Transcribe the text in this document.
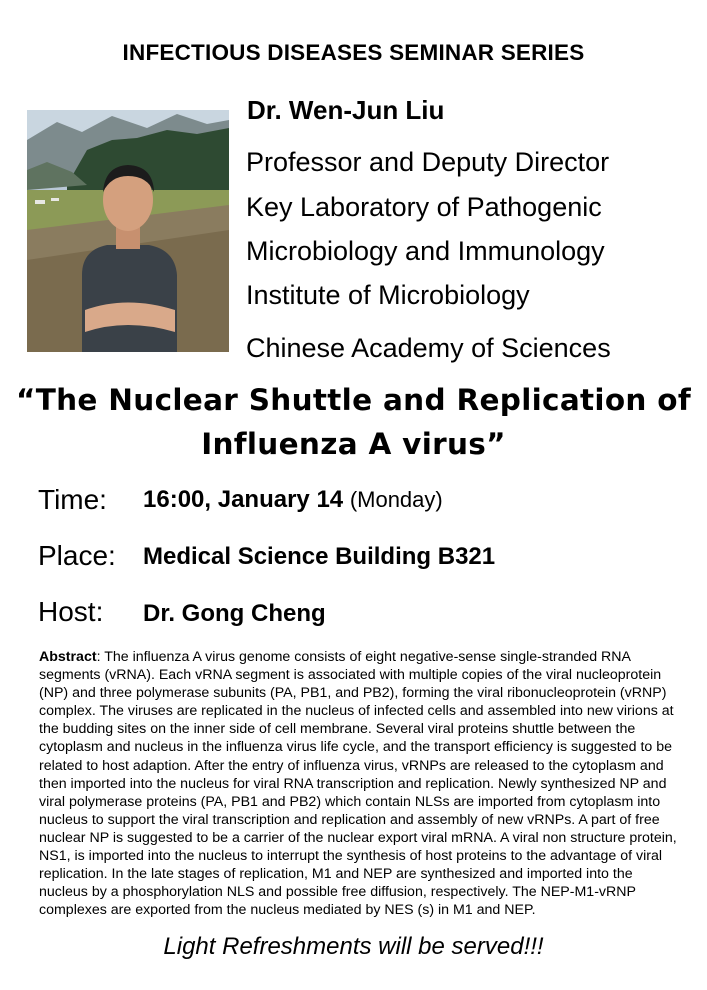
INFECTIOUS DISEASES SEMINAR SERIES
Dr. Wen-Jun Liu
Professor and Deputy Director
Key Laboratory of Pathogenic
Microbiology and Immunology
Institute of Microbiology
Chinese Academy of Sciences
“The Nuclear Shuttle and Replication of
Influenza A virus”
Time: 16:00, January 14 (Monday)
Place: Medical Science Building B321
Host: Dr. Gong Cheng
Abstract: The influenza A virus genome consists of eight negative-sense single-stranded RNA segments (vRNA). Each vRNA segment is associated with multiple copies of the viral nucleoprotein (NP) and three polymerase subunits (PA, PB1, and PB2), forming the viral ribonucleoprotein (vRNP) complex. The viruses are replicated in the nucleus of infected cells and assembled into new virions at the budding sites on the inner side of cell membrane. Several viral proteins shuttle between the cytoplasm and nucleus in the influenza virus life cycle, and the transport efficiency is suggested to be related to host adaption. After the entry of influenza virus, vRNPs are released to the cytoplasm and then imported into the nucleus for viral RNA transcription and replication. Newly synthesized NP and viral polymerase proteins (PA, PB1 and PB2) which contain NLSs are imported from cytoplasm into nucleus to support the viral transcription and replication and assembly of new vRNPs. A part of free nuclear NP is suggested to be a carrier of the nuclear export viral mRNA. A viral non structure protein, NS1, is imported into the nucleus to interrupt the synthesis of host proteins to the advantage of viral replication. In the late stages of replication, M1 and NEP are synthesized and imported into the nucleus by a phosphorylation NLS and possible free diffusion, respectively. The NEP-M1-vRNP complexes are exported from the nucleus mediated by NES (s) in M1 and NEP.
Light Refreshments will be served!!!
